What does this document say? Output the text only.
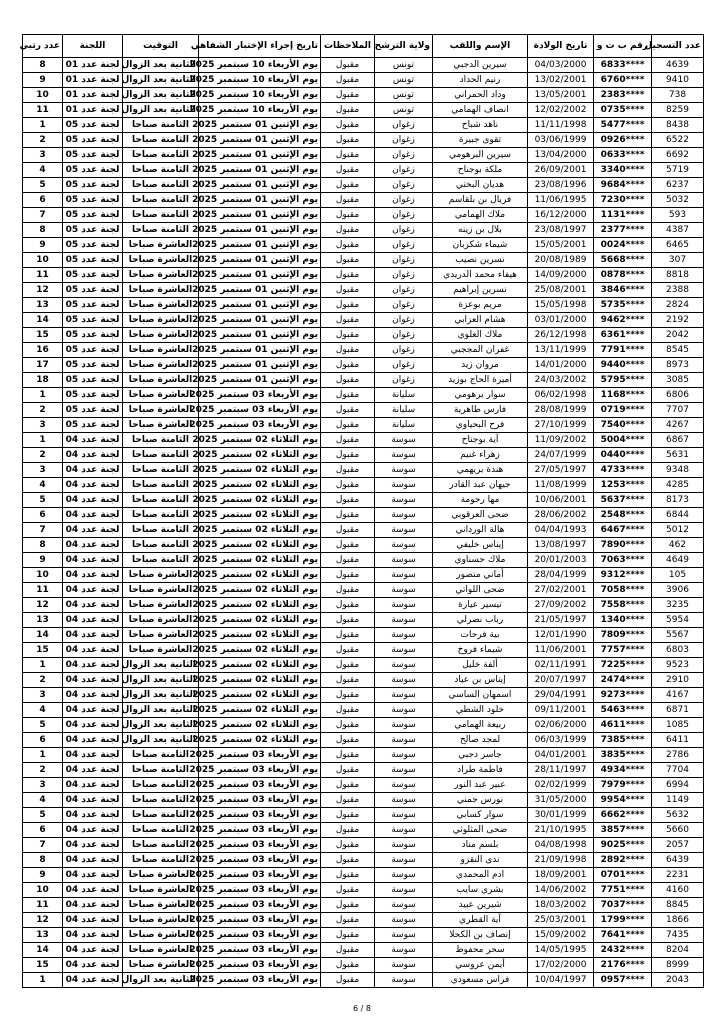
عدد التسجيل	رقم ب ت و	تاريخ الولادة	الإسم واللقب	ولاية الترشح	الملاحظات	تاريخ إجراء الإختبار الشفاهي	التوقيت	اللجنة	عدد رتبي
4639	6833****	04/03/2000	سيرين الدجبي	تونس	مقبول	يوم الأربعاء 10 سبتمبر 2025	الثانية بعد الزوال	لجنة عدد 01	8
9410	6760****	13/02/2001	رنيم الحداد	تونس	مقبول	يوم الأربعاء 10 سبتمبر 2025	الثانية بعد الزوال	لجنة عدد 01	9
738	2383****	13/05/2001	وداد الحمراني	تونس	مقبول	يوم الأربعاء 10 سبتمبر 2025	الثانية بعد الزوال	لجنة عدد 01	10
8259	0735****	12/02/2002	انصاف الهمامي	تونس	مقبول	يوم الأربعاء 10 سبتمبر 2025	الثانية بعد الزوال	لجنة عدد 01	11
8438	5477****	11/11/1998	ناهد شباح	زغوان	مقبول	يوم الإثنين 01 سبتمبر 2025	الثامنة صباحا	لجنة عدد 05	1
6522	0926****	03/06/1999	تقوى جبيرة	زغوان	مقبول	يوم الإثنين 01 سبتمبر 2025	الثامنة صباحا	لجنة عدد 05	2
6692	0633****	13/04/2000	سيرين البرهومي	زغوان	مقبول	يوم الإثنين 01 سبتمبر 2025	الثامنة صباحا	لجنة عدد 05	3
5719	3340****	26/09/2001	ملكة بوجناح	زغوان	مقبول	يوم الإثنين 01 سبتمبر 2025	الثامنة صباحا	لجنة عدد 05	4
6237	9684****	23/08/1996	هديان البختي	زغوان	مقبول	يوم الإثنين 01 سبتمبر 2025	الثامنة صباحا	لجنة عدد 05	5
5032	7230****	11/06/1995	فريال بن بلقاسم	زغوان	مقبول	يوم الإثنين 01 سبتمبر 2025	الثامنة صباحا	لجنة عدد 05	6
593	1131****	16/12/2000	ملاك الهمامي	زغوان	مقبول	يوم الإثنين 01 سبتمبر 2025	الثامنة صباحا	لجنة عدد 05	7
4387	2377****	23/08/1997	بلال بن زينه	زغوان	مقبول	يوم الإثنين 01 سبتمبر 2025	الثامنة صباحا	لجنة عدد 05	8
6465	0024****	15/05/2001	شيماء شكربان	زغوان	مقبول	يوم الإثنين 01 سبتمبر 2025	العاشرة صباحا	لجنة عدد 05	9
307	5668****	20/08/1989	نسرين نصيب	زغوان	مقبول	يوم الإثنين 01 سبتمبر 2025	العاشرة صباحا	لجنة عدد 05	10
8818	0878****	14/09/2000	هيفاء محمد الدريدي	زغوان	مقبول	يوم الإثنين 01 سبتمبر 2025	العاشرة صباحا	لجنة عدد 05	11
2388	3846****	25/08/2001	نسرين إبراهيم	زغوان	مقبول	يوم الإثنين 01 سبتمبر 2025	العاشرة صباحا	لجنة عدد 05	12
2824	5735****	15/05/1998	مريم بوعزة	زغوان	مقبول	يوم الإثنين 01 سبتمبر 2025	العاشرة صباحا	لجنة عدد 05	13
2192	9462****	03/01/2000	هشام العزابي	زغوان	مقبول	يوم الإثنين 01 سبتمبر 2025	العاشرة صباحا	لجنة عدد 05	14
2042	6361****	26/12/1998	ملاك العلوي	زغوان	مقبول	يوم الإثنين 01 سبتمبر 2025	العاشرة صباحا	لجنة عدد 05	15
8545	7791****	13/11/1999	غفران المججبي	زغوان	مقبول	يوم الإثنين 01 سبتمبر 2025	العاشرة صباحا	لجنة عدد 05	16
8973	9440****	14/01/2000	مروان زيد	زغوان	مقبول	يوم الإثنين 01 سبتمبر 2025	العاشرة صباحا	لجنة عدد 05	17
3085	5795****	24/03/2002	أميرة الحاج بوزيد	زغوان	مقبول	يوم الإثنين 01 سبتمبر 2025	العاشرة صباحا	لجنة عدد 05	18
6806	1168****	06/02/1998	سوار برهومي	سليانة	مقبول	يوم الأربعاء 03 سبتمبر 2025	العاشرة صباحا	لجنة عدد 05	1
7707	0719****	28/08/1999	فارس طاهرية	سليانة	مقبول	يوم الأربعاء 03 سبتمبر 2025	العاشرة صباحا	لجنة عدد 05	2
4267	7540****	27/10/1999	فرح البحياوي	سليانة	مقبول	يوم الأربعاء 03 سبتمبر 2025	العاشرة صباحا	لجنة عدد 05	3
6867	5004****	11/09/2002	آية بوجناح	سوسة	مقبول	يوم الثلاثاء 02 سبتمبر 2025	الثامنة صباحا	لجنة عدد 04	1
5631	0440****	24/07/1999	زهراء غنيم	سوسة	مقبول	يوم الثلاثاء 02 سبتمبر 2025	الثامنة صباحا	لجنة عدد 04	2
9348	4733****	27/05/1997	هندة بريهمي	سوسة	مقبول	يوم الثلاثاء 02 سبتمبر 2025	الثامنة صباحا	لجنة عدد 04	3
4285	1253****	11/08/1999	جيهان عبد القادر	سوسة	مقبول	يوم الثلاثاء 02 سبتمبر 2025	الثامنة صباحا	لجنة عدد 04	4
8173	5637****	10/06/2001	مها رحومة	سوسة	مقبول	يوم الثلاثاء 02 سبتمبر 2025	الثامنة صباحا	لجنة عدد 04	5
6844	2548****	28/06/2002	ضحى العرقوبي	سوسة	مقبول	يوم الثلاثاء 02 سبتمبر 2025	الثامنة صباحا	لجنة عدد 04	6
5012	6467****	04/04/1993	هالة الورداني	سوسة	مقبول	يوم الثلاثاء 02 سبتمبر 2025	الثامنة صباحا	لجنة عدد 04	7
462	7890****	13/08/1997	إيناس خليفي	سوسة	مقبول	يوم الثلاثاء 02 سبتمبر 2025	الثامنة صباحا	لجنة عدد 04	8
4649	7063****	20/01/2003	ملاك حسناوي	سوسة	مقبول	يوم الثلاثاء 02 سبتمبر 2025	الثامنة صباحا	لجنة عدد 04	9
105	9312****	28/04/1999	أماني منصور	سوسة	مقبول	يوم الثلاثاء 02 سبتمبر 2025	العاشرة صباحا	لجنة عدد 04	10
3906	7058****	27/02/2001	ضحى اللواتي	سوسة	مقبول	يوم الثلاثاء 02 سبتمبر 2025	العاشرة صباحا	لجنة عدد 04	11
3235	7558****	27/09/2002	تيسير عيارة	سوسة	مقبول	يوم الثلاثاء 02 سبتمبر 2025	العاشرة صباحا	لجنة عدد 04	12
5954	1340****	21/05/1997	رباب نصرلي	سوسة	مقبول	يوم الثلاثاء 02 سبتمبر 2025	العاشرة صباحا	لجنة عدد 04	13
5567	7809****	12/01/1990	بية فرحات	سوسة	مقبول	يوم الثلاثاء 02 سبتمبر 2025	العاشرة صباحا	لجنة عدد 04	14
6803	7757****	11/06/2001	شيماء فروخ	سوسة	مقبول	يوم الثلاثاء 02 سبتمبر 2025	العاشرة صباحا	لجنة عدد 04	15
9523	7225****	02/11/1991	ألفة خليل	سوسة	مقبول	يوم الثلاثاء 02 سبتمبر 2025	الثانية بعد الزوال	لجنة عدد 04	1
2910	2474****	20/07/1997	إيناس بن عياد	سوسة	مقبول	يوم الثلاثاء 02 سبتمبر 2025	الثانية بعد الزوال	لجنة عدد 04	2
4167	9273****	29/04/1991	اسمهان الساسي	سوسة	مقبول	يوم الثلاثاء 02 سبتمبر 2025	الثانية بعد الزوال	لجنة عدد 04	3
6871	5463****	09/11/2001	خلود الشطي	سوسة	مقبول	يوم الثلاثاء 02 سبتمبر 2025	الثانية بعد الزوال	لجنة عدد 04	4
1085	4611****	02/06/2000	ربيعة الهمامي	سوسة	مقبول	يوم الثلاثاء 02 سبتمبر 2025	الثانية بعد الزوال	لجنة عدد 04	5
6411	7385****	06/03/1999	لمجد صالح	سوسة	مقبول	يوم الثلاثاء 02 سبتمبر 2025	الثانية بعد الزوال	لجنة عدد 04	6
2786	3835****	04/01/2001	جاسر دجبي	سوسة	مقبول	يوم الأربعاء 03 سبتمبر 2025	الثامنة صباحا	لجنة عدد 04	1
7704	4934****	28/11/1997	فاطمة طراد	سوسة	مقبول	يوم الأربعاء 03 سبتمبر 2025	الثامنة صباحا	لجنة عدد 04	2
6994	7979****	02/02/1999	عبير عبد النور	سوسة	مقبول	يوم الأربعاء 03 سبتمبر 2025	الثامنة صباحا	لجنة عدد 04	3
1149	9954****	31/05/2000	نورس جمني	سوسة	مقبول	يوم الأربعاء 03 سبتمبر 2025	الثامنة صباحا	لجنة عدد 04	4
5632	6662****	30/01/1999	سوار كسابي	سوسة	مقبول	يوم الأربعاء 03 سبتمبر 2025	الثامنة صباحا	لجنة عدد 04	5
5660	3857****	21/10/1995	ضحى المثلوثي	سوسة	مقبول	يوم الأربعاء 03 سبتمبر 2025	الثامنة صباحا	لجنة عدد 04	6
2057	9025****	04/08/1998	بلسم مناد	سوسة	مقبول	يوم الأربعاء 03 سبتمبر 2025	الثامنة صباحا	لجنة عدد 04	7
6439	2892****	21/09/1998	ندى النقزو	سوسة	مقبول	يوم الأربعاء 03 سبتمبر 2025	الثامنة صباحا	لجنة عدد 04	8
2231	0701****	18/09/2001	ادم المحمدي	سوسة	مقبول	يوم الأربعاء 03 سبتمبر 2025	العاشرة صباحا	لجنة عدد 04	9
4160	7751****	14/06/2002	بشرى سايب	سوسة	مقبول	يوم الأربعاء 03 سبتمبر 2025	العاشرة صباحا	لجنة عدد 04	10
8845	7037****	18/03/2002	شيرين عبيد	سوسة	مقبول	يوم الأربعاء 03 سبتمبر 2025	العاشرة صباحا	لجنة عدد 04	11
1866	1799****	25/03/2001	آية القطري	سوسة	مقبول	يوم الأربعاء 03 سبتمبر 2025	العاشرة صباحا	لجنة عدد 04	12
7435	7641****	15/09/2002	إنصاف بن الكحلا	سوسة	مقبول	يوم الأربعاء 03 سبتمبر 2025	العاشرة صباحا	لجنة عدد 04	13
8204	2432****	14/05/1995	سحر محفوظ	سوسة	مقبول	يوم الأربعاء 03 سبتمبر 2025	العاشرة صباحا	لجنة عدد 04	14
8999	2176****	17/02/2000	أيمن عروسي	سوسة	مقبول	يوم الأربعاء 03 سبتمبر 2025	العاشرة صباحا	لجنة عدد 04	15
2043	0957****	10/04/1997	فراس مسعودي	سوسة	مقبول	يوم الأربعاء 03 سبتمبر 2025	الثانية بعد الزوال	لجنة عدد 04	1
6 / 8
